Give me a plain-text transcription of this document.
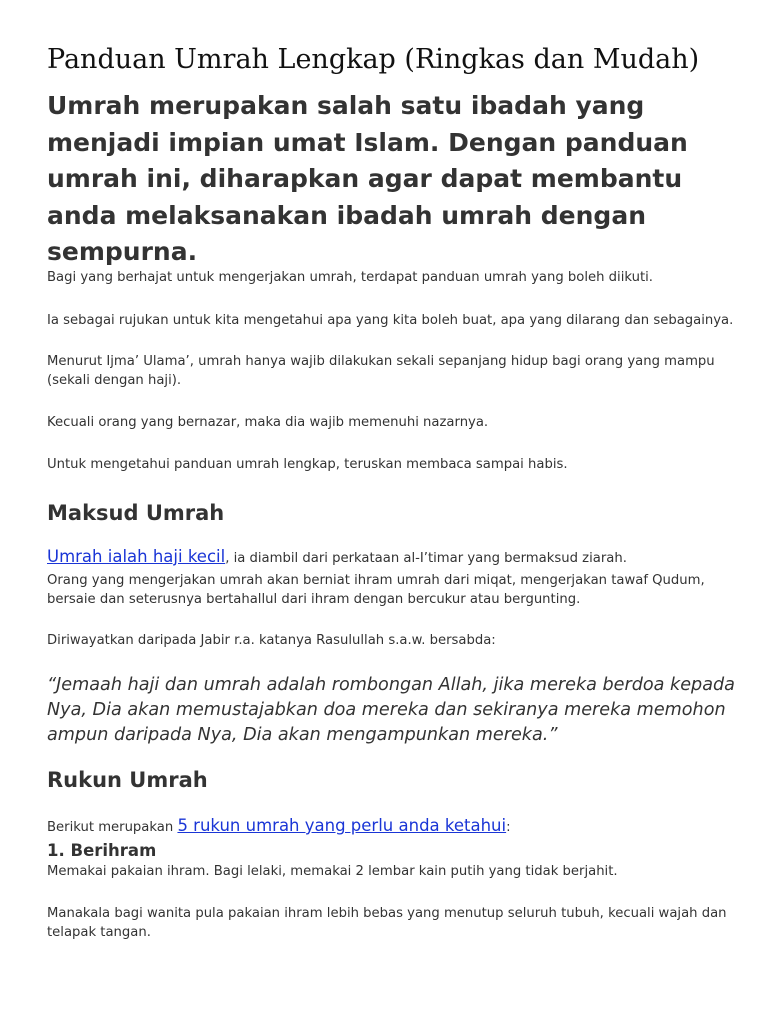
Panduan Umrah Lengkap (Ringkas dan Mudah)
Umrah merupakan salah satu ibadah yang menjadi impian umat Islam. Dengan panduan umrah ini, diharapkan agar dapat membantu anda melaksanakan ibadah umrah dengan sempurna.

Bagi yang berhajat untuk mengerjakan umrah, terdapat panduan umrah yang boleh diikuti.

Ia sebagai rujukan untuk kita mengetahui apa yang kita boleh buat, apa yang dilarang dan sebagainya.

Menurut Ijma’ Ulama’, umrah hanya wajib dilakukan sekali sepanjang hidup bagi orang yang mampu (sekali dengan haji).

Kecuali orang yang bernazar, maka dia wajib memenuhi nazarnya.

Untuk mengetahui panduan umrah lengkap, teruskan membaca sampai habis.

Maksud Umrah

Umrah ialah haji kecil, ia diambil dari perkataan al-I’timar yang bermaksud ziarah.

Orang yang mengerjakan umrah akan berniat ihram umrah dari miqat, mengerjakan tawaf Qudum, bersaie dan seterusnya bertahallul dari ihram dengan bercukur atau bergunting.

Diriwayatkan daripada Jabir r.a. katanya Rasulullah s.a.w. bersabda:

“Jemaah haji dan umrah adalah rombongan Allah, jika mereka berdoa kepada Nya, Dia akan memustajabkan doa mereka dan sekiranya mereka memohon ampun daripada Nya, Dia akan mengampunkan mereka.”

Rukun Umrah

Berikut merupakan 5 rukun umrah yang perlu anda ketahui:

1. Berihram

Memakai pakaian ihram. Bagi lelaki, memakai 2 lembar kain putih yang tidak berjahit.

Manakala bagi wanita pula pakaian ihram lebih bebas yang menutup seluruh tubuh, kecuali wajah dan telapak tangan.
